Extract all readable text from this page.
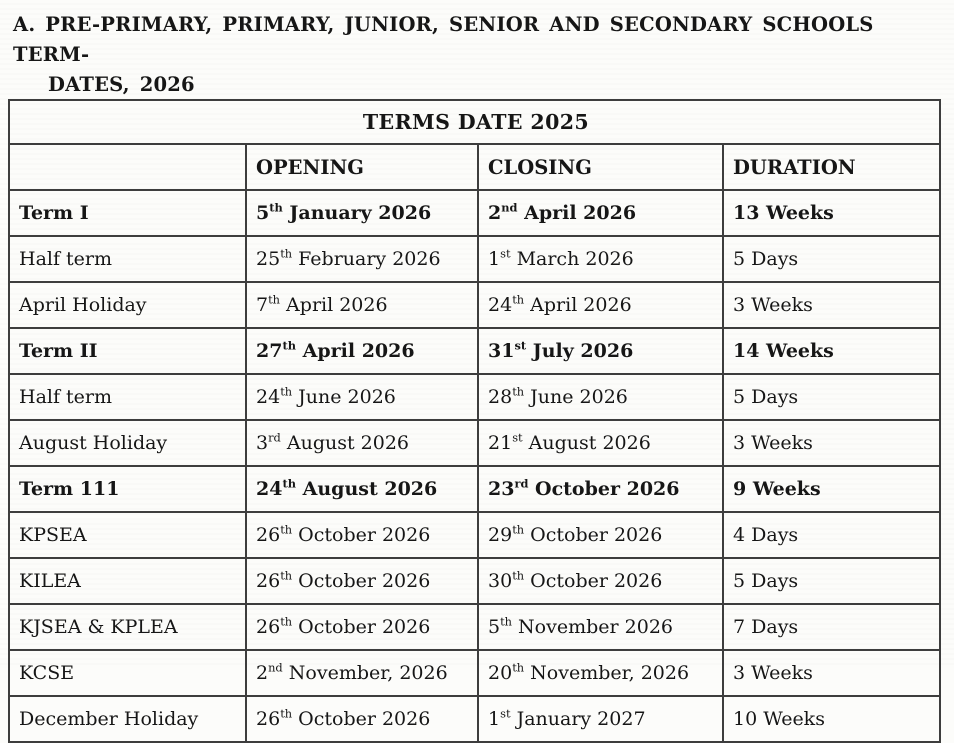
A. PRE-PRIMARY, PRIMARY, JUNIOR, SENIOR AND SECONDARY SCHOOLS TERM-
DATES, 2026
TERMS DATE 2025			
	OPENING	CLOSING	DURATION
Term I	5th January 2026	2nd April 2026	13 Weeks
Half term	25th February 2026	1st March 2026	5 Days
April Holiday	7th April 2026	24th April 2026	3 Weeks
Term II	27th April 2026	31st July 2026	14 Weeks
Half term	24th June 2026	28th June 2026	5 Days
August Holiday	3rd August 2026	21st August 2026	3 Weeks
Term 111	24th August 2026	23rd October 2026	9 Weeks
KPSEA	26th October 2026	29th October 2026	4 Days
KILEA	26th October 2026	30th October 2026	5 Days
KJSEA & KPLEA	26th October 2026	5th November 2026	7 Days
KCSE	2nd November, 2026	20th November, 2026	3 Weeks
December Holiday	26th October 2026	1st January 2027	10 Weeks
